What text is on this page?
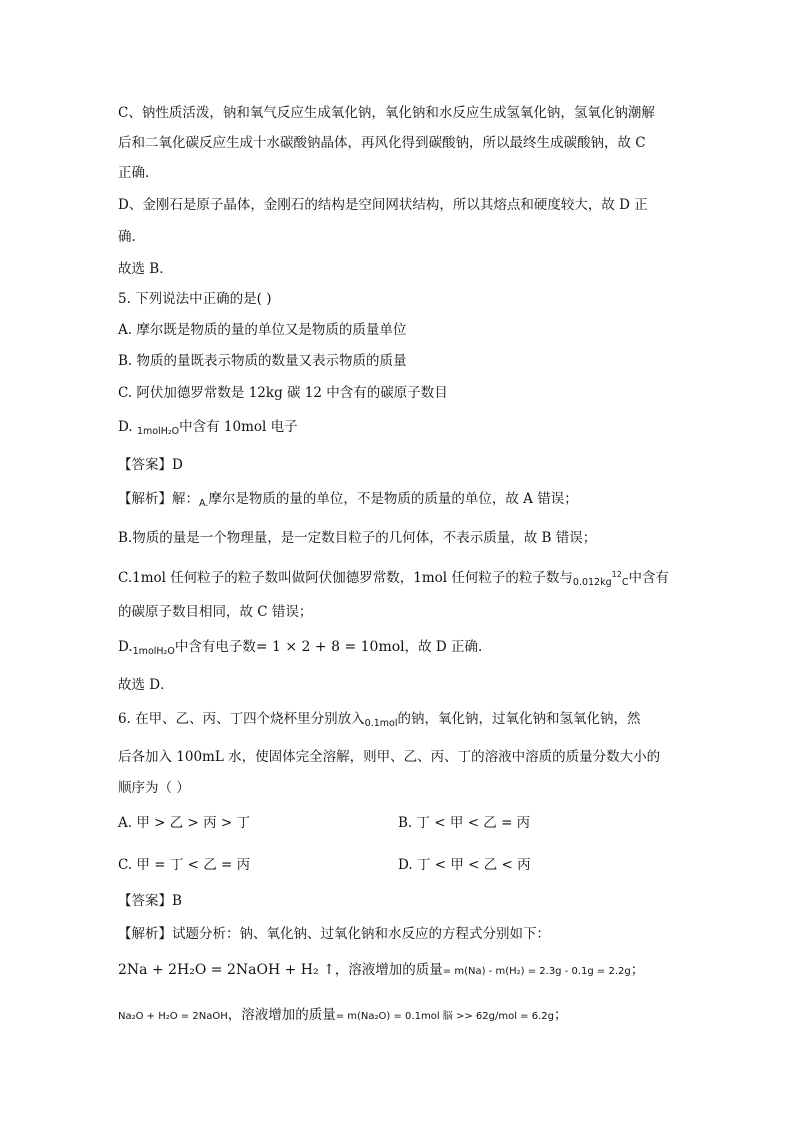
C、钠性质活泼，钠和氧气反应生成氧化钠，氧化钠和水反应生成氢氧化钠，氢氧化钠潮解
后和二氧化碳反应生成十水碳酸钠晶体，再风化得到碳酸钠，所以最终生成碳酸钠，故 C
正确.
D、金刚石是原子晶体，金刚石的结构是空间网状结构，所以其熔点和硬度较大，故 D 正
确.
故选 B．
5. 下列说法中正确的是( )
A. 摩尔既是物质的量的单位又是物质的质量单位
B. 物质的量既表示物质的数量又表示物质的质量
C. 阿伏加德罗常数是 12kg 碳 12 中含有的碳原子数目
D. $_{1molH_2O}$中含有 10mol 电子
【答案】D
【解析】解：$_{A.}$摩尔是物质的量的单位，不是物质的质量的单位，故 A 错误；
B.物质的量是一个物理量，是一定数目粒子的几何体，不表示质量，故 B 错误；
C.1mol 任何粒子的粒子数叫做阿伏伽德罗常数，1mol 任何粒子的粒子数与$_{0.012kg}^{12}_C$中含有
的碳原子数目相同，故 C 错误；
$D._{1molH_2O}$中含有电子数= 1 × 2 + 8 = 10mol，故 D 正确.
故选 D．
6. 在甲、乙、丙、丁四个烧杯里分别放入$_{0.1mol}$的钠，氧化钠，过氧化钠和氢氧化钠，然
后各加入 100mL 水，使固体完全溶解，则甲、乙、丙、丁的溶液中溶质的质量分数大小的
顺序为（ ）
A. 甲 > 乙 > 丙 > 丁	B. 丁 < 甲 < 乙 = 丙
C. 甲 = 丁 < 乙 = 丙	D. 丁 < 甲 < 乙 < 丙
【答案】B
【解析】试题分析：钠、氧化钠、过氧化钠和水反应的方程式分别如下：
2Na + 2H₂O = 2NaOH + H₂ ↑，溶液增加的质量= m(Na) - m(H₂) = 2.3g - 0.1g = 2.2g；
Na₂O + H₂O = 2NaOH，溶液增加的质量= m(Na₂O) = 0.1mol 脳 >> 62g/mol = 6.2g；
